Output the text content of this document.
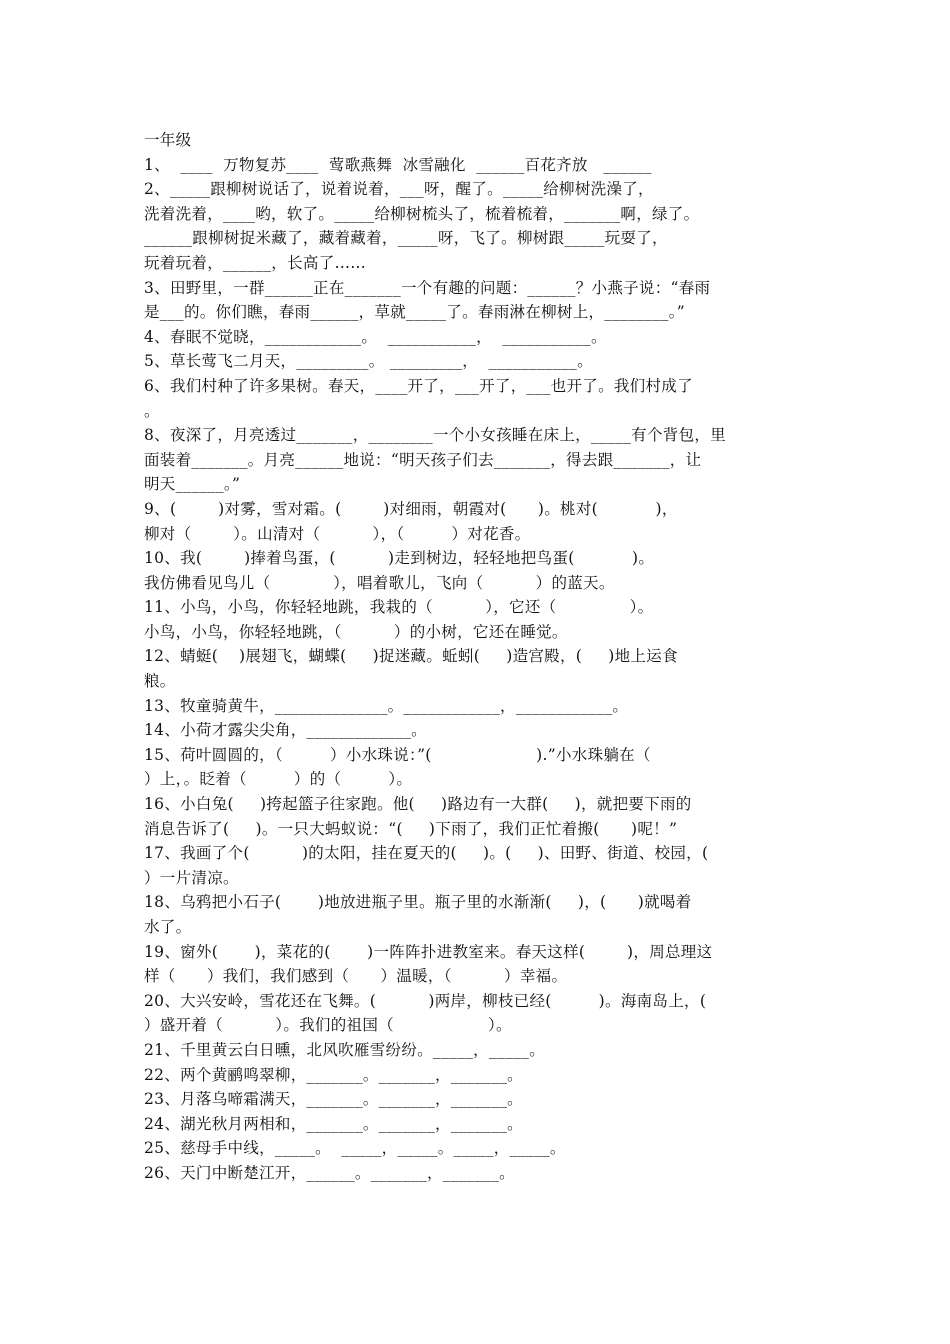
一年级
1、  ____  万物复苏____  莺歌燕舞  冰雪融化  ______百花齐放   ______
2、_____跟柳树说话了，说着说着，___呀，醒了。_____给柳树洗澡了，
洗着洗着，____哟，软了。_____给柳树梳头了，梳着梳着，_______啊，绿了。
______跟柳树捉米藏了，藏着藏着，_____呀，飞了。柳树跟_____玩耍了，
玩着玩着，______，长高了……
3、田野里，一群______正在_______一个有趣的问题：______？小燕子说：“春雨
是___的。你们瞧，春雨______，草就_____了。春雨淋在柳树上，________。”
4、春眠不觉晓，____________。  ___________，  ___________。
5、草长莺飞二月天，_________。 _________，  ___________。
6、我们村种了许多果树。春天，____开了，___开了，___也开了。我们村成了
。
8、夜深了，月亮透过_______，________一个小女孩睡在床上，_____有个背包，里
面装着_______。月亮______地说：“明天孩子们去_______，得去跟_______，让
明天______。”
9、(        )对雾，雪对霜。(        )对细雨，朝霞对(      )。桃对(           )，
柳对（        ）。山清对（          ），（         ）对花香。
10、我(        )捧着鸟蛋，(          )走到树边，轻轻地把鸟蛋(           )。
我仿佛看见鸟儿（            ），唱着歌儿，飞向（          ）的蓝天。
11、小鸟，小鸟，你轻轻地跳，我栽的（          ），它还（              ）。
小鸟，小鸟，你轻轻地跳，（          ）的小树，它还在睡觉。
12、蜻蜓(    )展翅飞，蝴蝶(     )捉迷藏。蚯蚓(     )造宫殿，(     )地上运食
粮。
13、牧童骑黄牛，______________。____________，____________。
14、小荷才露尖尖角，_____________。
15、荷叶圆圆的，（         ）小水珠说：”(                    ).”小水珠躺在（
）上，。眨着（         ）的（         ）。
16、小白兔(     )挎起篮子往家跑。他(     )路边有一大群(     )，就把要下雨的
消息告诉了(     )。一只大蚂蚁说：“(     )下雨了，我们正忙着搬(      )呢！”
17、我画了个(          )的太阳，挂在夏天的(     )。(     )、田野、街道、校园，(
）一片清凉。
18、乌鸦把小石子(       )地放进瓶子里。瓶子里的水渐渐(     )，(      )就喝着
水了。
19、窗外(       )，菜花的(       )一阵阵扑进教室来。春天这样(        )，周总理这
样（      ）我们，我们感到（      ）温暖，（          ）幸福。
20、大兴安岭，雪花还在飞舞。(          )两岸，柳枝已经(         )。海南岛上，(
）盛开着（          ）。我们的祖国（                  ）。
21、千里黄云白日曛，北风吹雁雪纷纷。_____，_____。
22、两个黄鹂鸣翠柳，_______。_______，_______。
23、月落乌啼霜满天，_______。_______，_______。
24、湖光秋月两相和，_______。_______，_______。
25、慈母手中线，_____。  _____，_____。_____，_____。
26、天门中断楚江开，______。_______，_______。
